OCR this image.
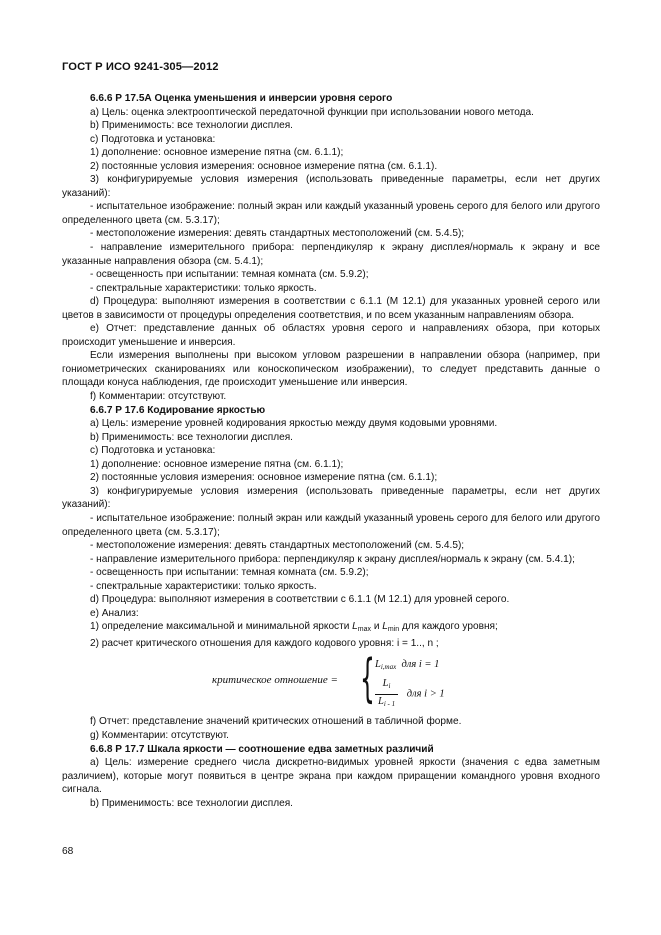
ГОСТ Р ИСО 9241-305—2012

6.6.6 Р 17.5А Оценка уменьшения и инверсии уровня серого

а) Цель: оценка электрооптической передаточной функции при использовании нового метода.

b) Применимость: все технологии дисплея.

с) Подготовка и установка:

1) дополнение: основное измерение пятна (см. 6.1.1);

2) постоянные условия измерения: основное измерение пятна (см. 6.1.1).

3) конфигурируемые условия измерения (использовать приведенные параметры, если нет других указаний):

- испытательное изображение: полный экран или каждый указанный уровень серого для белого или другого определенного цвета (см. 5.3.17);

- местоположение измерения: девять стандартных местоположений (см. 5.4.5);

- направление измерительного прибора: перпендикуляр к экрану дисплея/нормаль к экрану и все указанные направления обзора (см. 5.4.1);

- освещенность при испытании: темная комната (см. 5.9.2);

- спектральные характеристики: только яркость.

d) Процедура: выполняют измерения в соответствии с 6.1.1 (М 12.1) для указанных уровней серого или цветов в зависимости от процедуры определения соответствия, и по всем указанным направлениям обзора.

е) Отчет: представление данных об областях уровня серого и направлениях обзора, при которых происходит уменьшение и инверсия.

Если измерения выполнены при высоком угловом разрешении в направлении обзора (например, при гониометрических сканированиях или коноскопическом изображении), то следует представить данные о площади конуса наблюдения, где происходит уменьшение или инверсия.

f) Комментарии: отсутствуют.

6.6.7 Р 17.6 Кодирование яркостью

а) Цель: измерение уровней кодирования яркостью между двумя кодовыми уровнями.

b) Применимость: все технологии дисплея.

с) Подготовка и установка:

1) дополнение: основное измерение пятна (см. 6.1.1);

2) постоянные условия измерения: основное измерение пятна (см. 6.1.1);

3) конфигурируемые условия измерения (использовать приведенные параметры, если нет других указаний):

- испытательное изображение: полный экран или каждый указанный уровень серого для белого или другого определенного цвета (см. 5.3.17);

- местоположение измерения: девять стандартных местоположений (см. 5.4.5);

- направление измерительного прибора: перпендикуляр к экрану дисплея/нормаль к экрану (см. 5.4.1);

- освещенность при испытании: темная комната (см. 5.9.2);

- спектральные характеристики: только яркость.

d) Процедура: выполняют измерения в соответствии с 6.1.1 (М 12.1) для уровней серого.

е) Анализ:

1) определение максимальной и минимальной яркости $L_{max}$ и $L_{min}$ для каждого уровня;

2) расчет критического отношения для каждого кодового уровня: i = 1.., n ;

критическое отношение = { $L_{i,max}$  для i = 1
$\frac{L_i}{L_{i - 1}}$ для i > 1

f) Отчет: представление значений критических отношений в табличной форме.

g) Комментарии: отсутствуют.

6.6.8 Р 17.7 Шкала яркости — соотношение едва заметных различий

а) Цель: измерение среднего числа дискретно-видимых уровней яркости (значения с едва заметным различием), которые могут появиться в центре экрана при каждом приращении командного уровня входного сигнала.

b) Применимость: все технологии дисплея.

68
